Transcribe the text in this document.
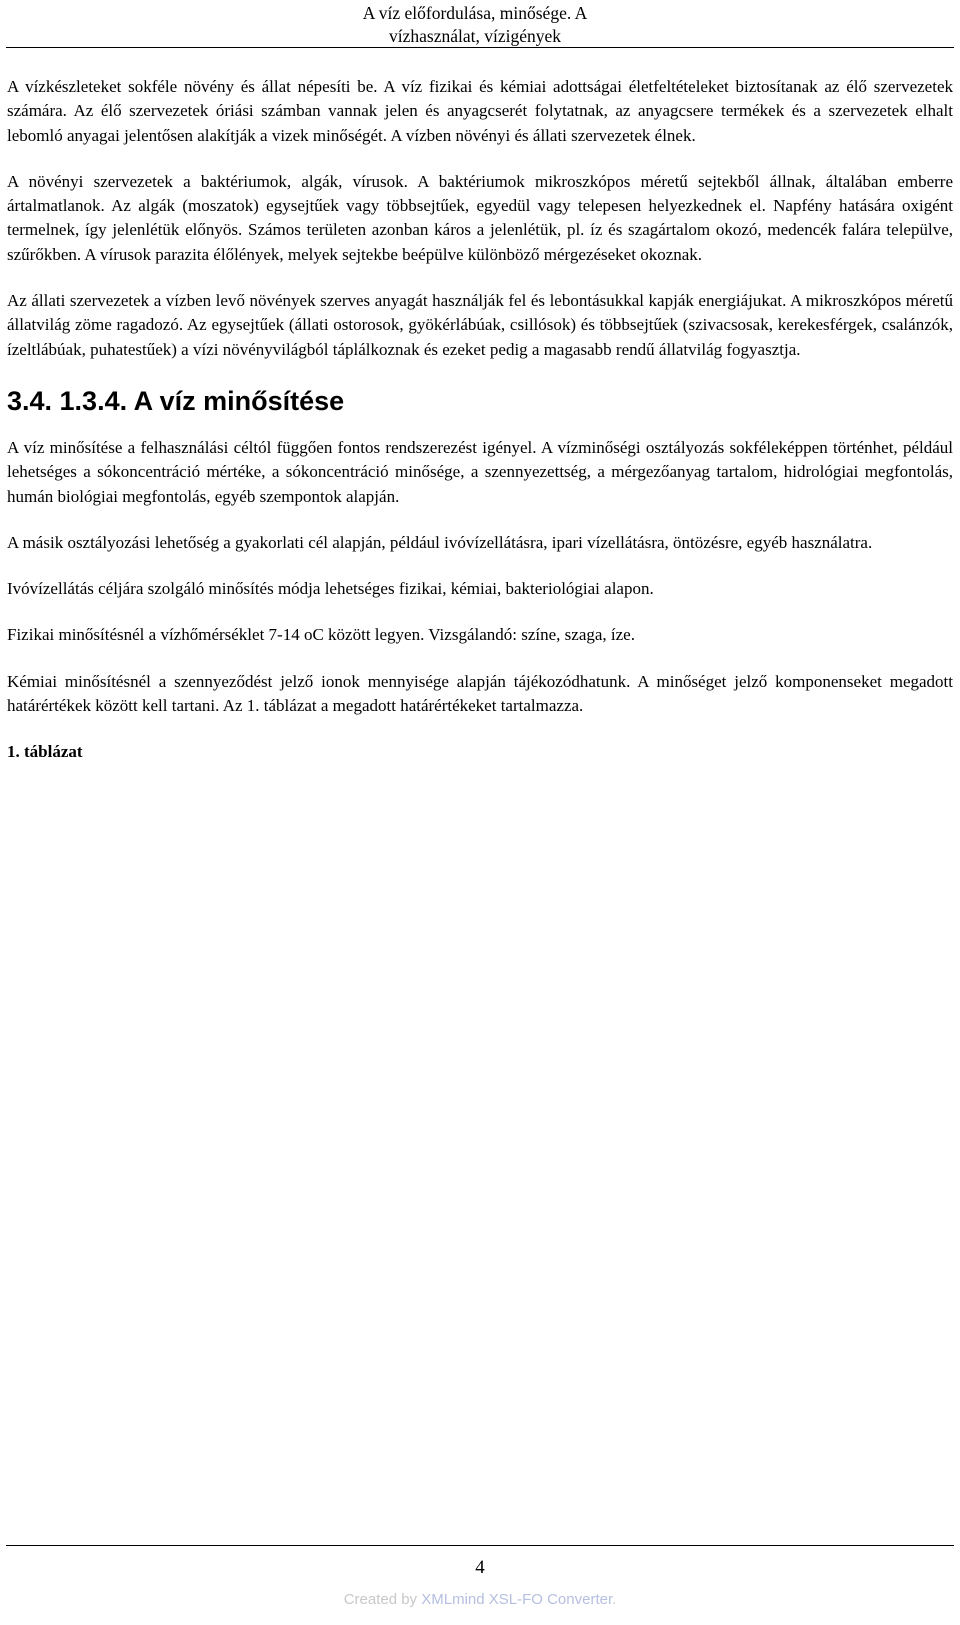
A víz előfordulása, minősége. A
vízhasználat, vízigények

A vízkészleteket sokféle növény és állat népesíti be. A víz fizikai és kémiai adottságai életfeltételeket biztosítanak az élő szervezetek számára. Az élő szervezetek óriási számban vannak jelen és anyagcserét folytatnak, az anyagcsere termékek és a szervezetek elhalt lebomló anyagai jelentősen alakítják a vizek minőségét. A vízben növényi és állati szervezetek élnek.

A növényi szervezetek a baktériumok, algák, vírusok. A baktériumok mikroszkópos méretű sejtekből állnak, általában emberre ártalmatlanok. Az algák (moszatok) egysejtűek vagy többsejtűek, egyedül vagy telepesen helyezkednek el. Napfény hatására oxigént termelnek, így jelenlétük előnyös. Számos területen azonban káros a jelenlétük, pl. íz és szagártalom okozó, medencék falára települve, szűrőkben. A vírusok parazita élőlények, melyek sejtekbe beépülve különböző mérgezéseket okoznak.

Az állati szervezetek a vízben levő növények szerves anyagát használják fel és lebontásukkal kapják energiájukat. A mikroszkópos méretű állatvilág zöme ragadozó. Az egysejtűek (állati ostorosok, gyökérlábúak, csillósok) és többsejtűek (szivacsosak, kerekesférgek, csalánzók, ízeltlábúak, puhatestűek) a vízi növényvilágból táplálkoznak és ezeket pedig a magasabb rendű állatvilág fogyasztja.

3.4. 1.3.4. A víz minősítése

A víz minősítése a felhasználási céltól függően fontos rendszerezést igényel. A vízminőségi osztályozás sokféleképpen történhet, például lehetséges a sókoncentráció mértéke, a sókoncentráció minősége, a szennyezettség, a mérgezőanyag tartalom, hidrológiai megfontolás, humán biológiai megfontolás, egyéb szempontok alapján.

A másik osztályozási lehetőség a gyakorlati cél alapján, például ivóvízellátásra, ipari vízellátásra, öntözésre, egyéb használatra.

Ivóvízellátás céljára szolgáló minősítés módja lehetséges fizikai, kémiai, bakteriológiai alapon.

Fizikai minősítésnél a vízhőmérséklet 7-14 oC között legyen. Vizsgálandó: színe, szaga, íze.

Kémiai minősítésnél a szennyeződést jelző ionok mennyisége alapján tájékozódhatunk. A minőséget jelző komponenseket megadott határértékek között kell tartani. Az 1. táblázat a megadott határértékeket tartalmazza.

1. táblázat

4
Created by XMLmind XSL-FO Converter.
